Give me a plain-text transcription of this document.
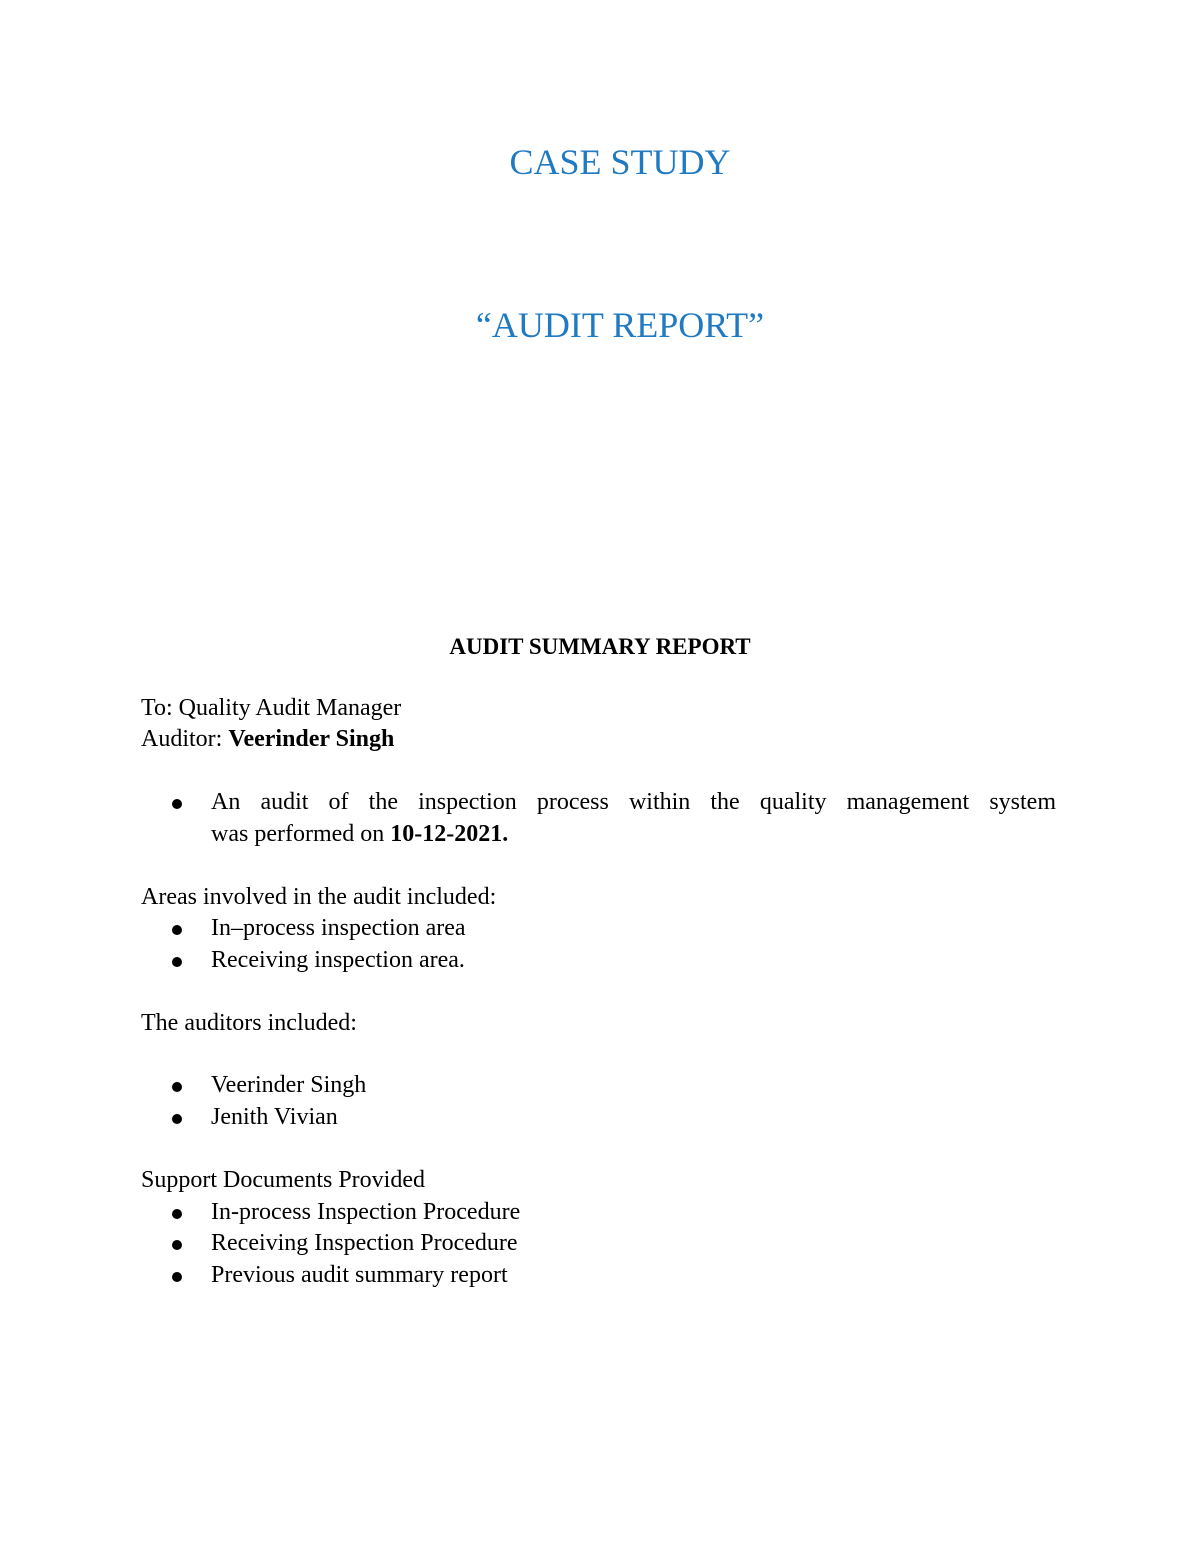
CASE STUDY
“AUDIT REPORT”
AUDIT SUMMARY REPORT

To: Quality Audit Manager

Auditor: Veerinder Singh

An audit of the inspection process within the quality management system

was performed on 10-12-2021.

Areas involved in the audit included:

In–process inspection area

Receiving inspection area.

The auditors included:

Veerinder Singh

Jenith Vivian

Support Documents Provided

In-process Inspection Procedure

Receiving Inspection Procedure

Previous audit summary report
